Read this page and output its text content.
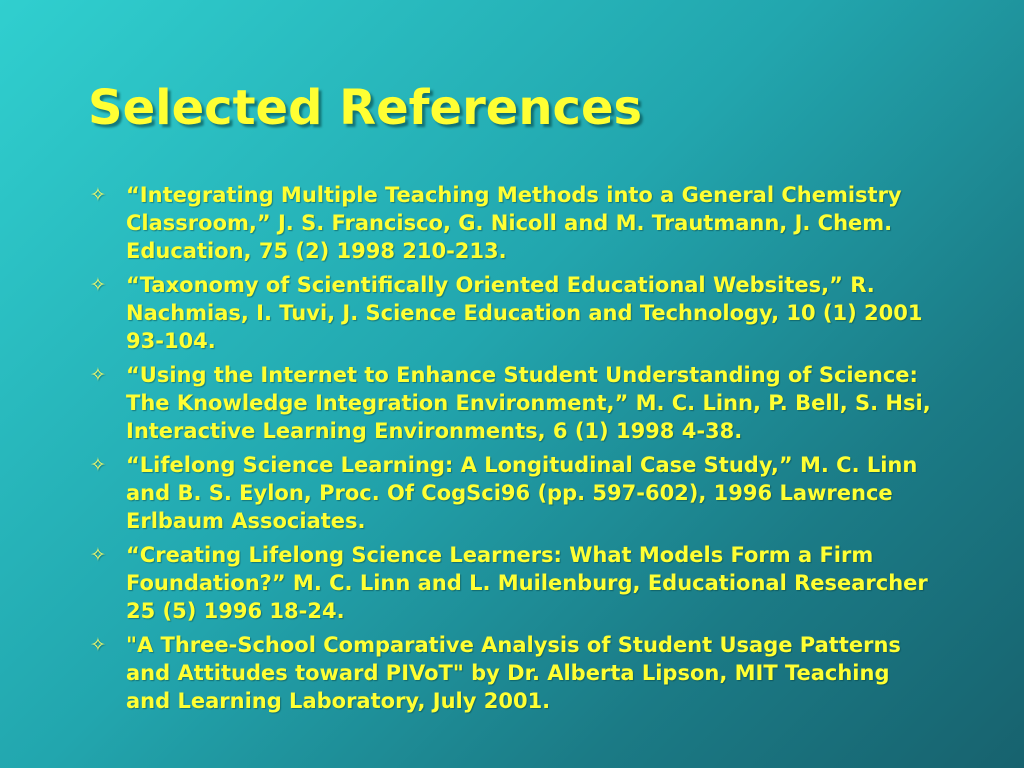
Selected References
✧ “Integrating Multiple Teaching Methods into a General Chemistry Classroom,” J. S. Francisco, G. Nicoll and M. Trautmann, J. Chem. Education, 75 (2) 1998 210-213.
✧ “Taxonomy of Scientifically Oriented Educational Websites,” R. Nachmias, I. Tuvi, J. Science Education and Technology, 10 (1) 2001 93-104.
✧ “Using the Internet to Enhance Student Understanding of Science: The Knowledge Integration Environment,” M. C. Linn, P. Bell, S. Hsi, Interactive Learning Environments, 6 (1) 1998 4-38.
✧ “Lifelong Science Learning: A Longitudinal Case Study,” M. C. Linn and B. S. Eylon, Proc. Of CogSci96 (pp. 597-602), 1996 Lawrence Erlbaum Associates.
✧ “Creating Lifelong Science Learners: What Models Form a Firm Foundation?” M. C. Linn and L. Muilenburg, Educational Researcher 25 (5) 1996 18-24.
✧ "A Three-School Comparative Analysis of Student Usage Patterns and Attitudes toward PIVoT" by Dr. Alberta Lipson, MIT Teaching and Learning Laboratory, July 2001.
